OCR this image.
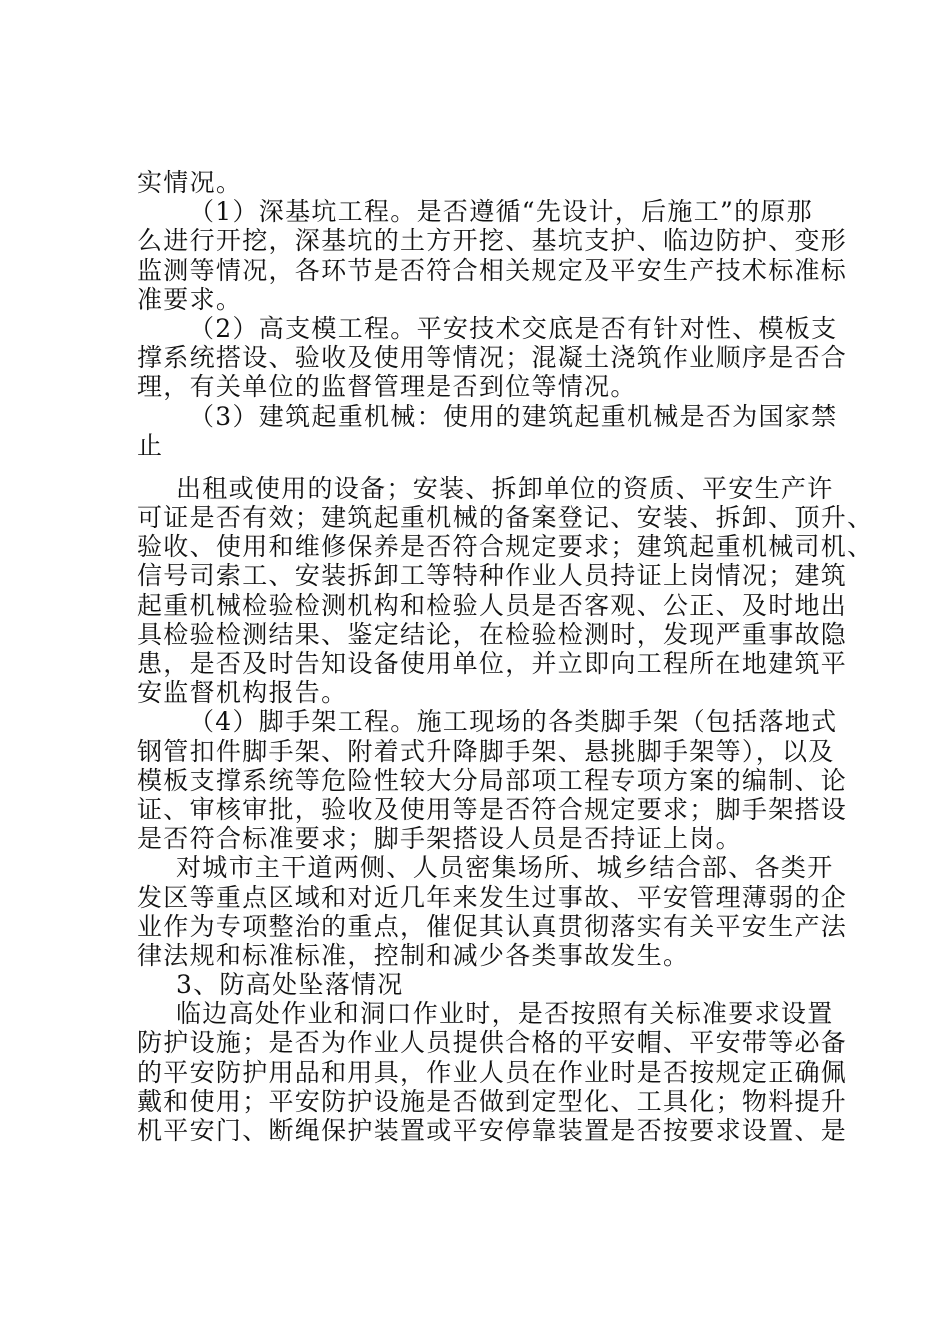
实情况。
（1）深基坑工程。是否遵循“先设计，后施工”的原那
么进行开挖，深基坑的土方开挖、基坑支护、临边防护、变形
监测等情况，各环节是否符合相关规定及平安生产技术标准标
准要求。
（2）高支模工程。平安技术交底是否有针对性、模板支
撑系统搭设、验收及使用等情况；混凝土浇筑作业顺序是否合
理，有关单位的监督管理是否到位等情况。
（3）建筑起重机械：使用的建筑起重机械是否为国家禁
止
出租或使用的设备；安装、拆卸单位的资质、平安生产许
可证是否有效；建筑起重机械的备案登记、安装、拆卸、顶升、
验收、使用和维修保养是否符合规定要求；建筑起重机械司机、
信号司索工、安装拆卸工等特种作业人员持证上岗情况；建筑
起重机械检验检测机构和检验人员是否客观、公正、及时地出
具检验检测结果、鉴定结论，在检验检测时，发现严重事故隐
患，是否及时告知设备使用单位，并立即向工程所在地建筑平
安监督机构报告。
（4）脚手架工程。施工现场的各类脚手架（包括落地式
钢管扣件脚手架、附着式升降脚手架、悬挑脚手架等），以及
模板支撑系统等危险性较大分局部项工程专项方案的编制、论
证、审核审批，验收及使用等是否符合规定要求；脚手架搭设
是否符合标准要求；脚手架搭设人员是否持证上岗。
对城市主干道两侧、人员密集场所、城乡结合部、各类开
发区等重点区域和对近几年来发生过事故、平安管理薄弱的企
业作为专项整治的重点，催促其认真贯彻落实有关平安生产法
律法规和标准标准，控制和减少各类事故发生。
3、防高处坠落情况
临边高处作业和洞口作业时，是否按照有关标准要求设置
防护设施；是否为作业人员提供合格的平安帽、平安带等必备
的平安防护用品和用具，作业人员在作业时是否按规定正确佩
戴和使用；平安防护设施是否做到定型化、工具化；物料提升
机平安门、断绳保护装置或平安停靠装置是否按要求设置、是
